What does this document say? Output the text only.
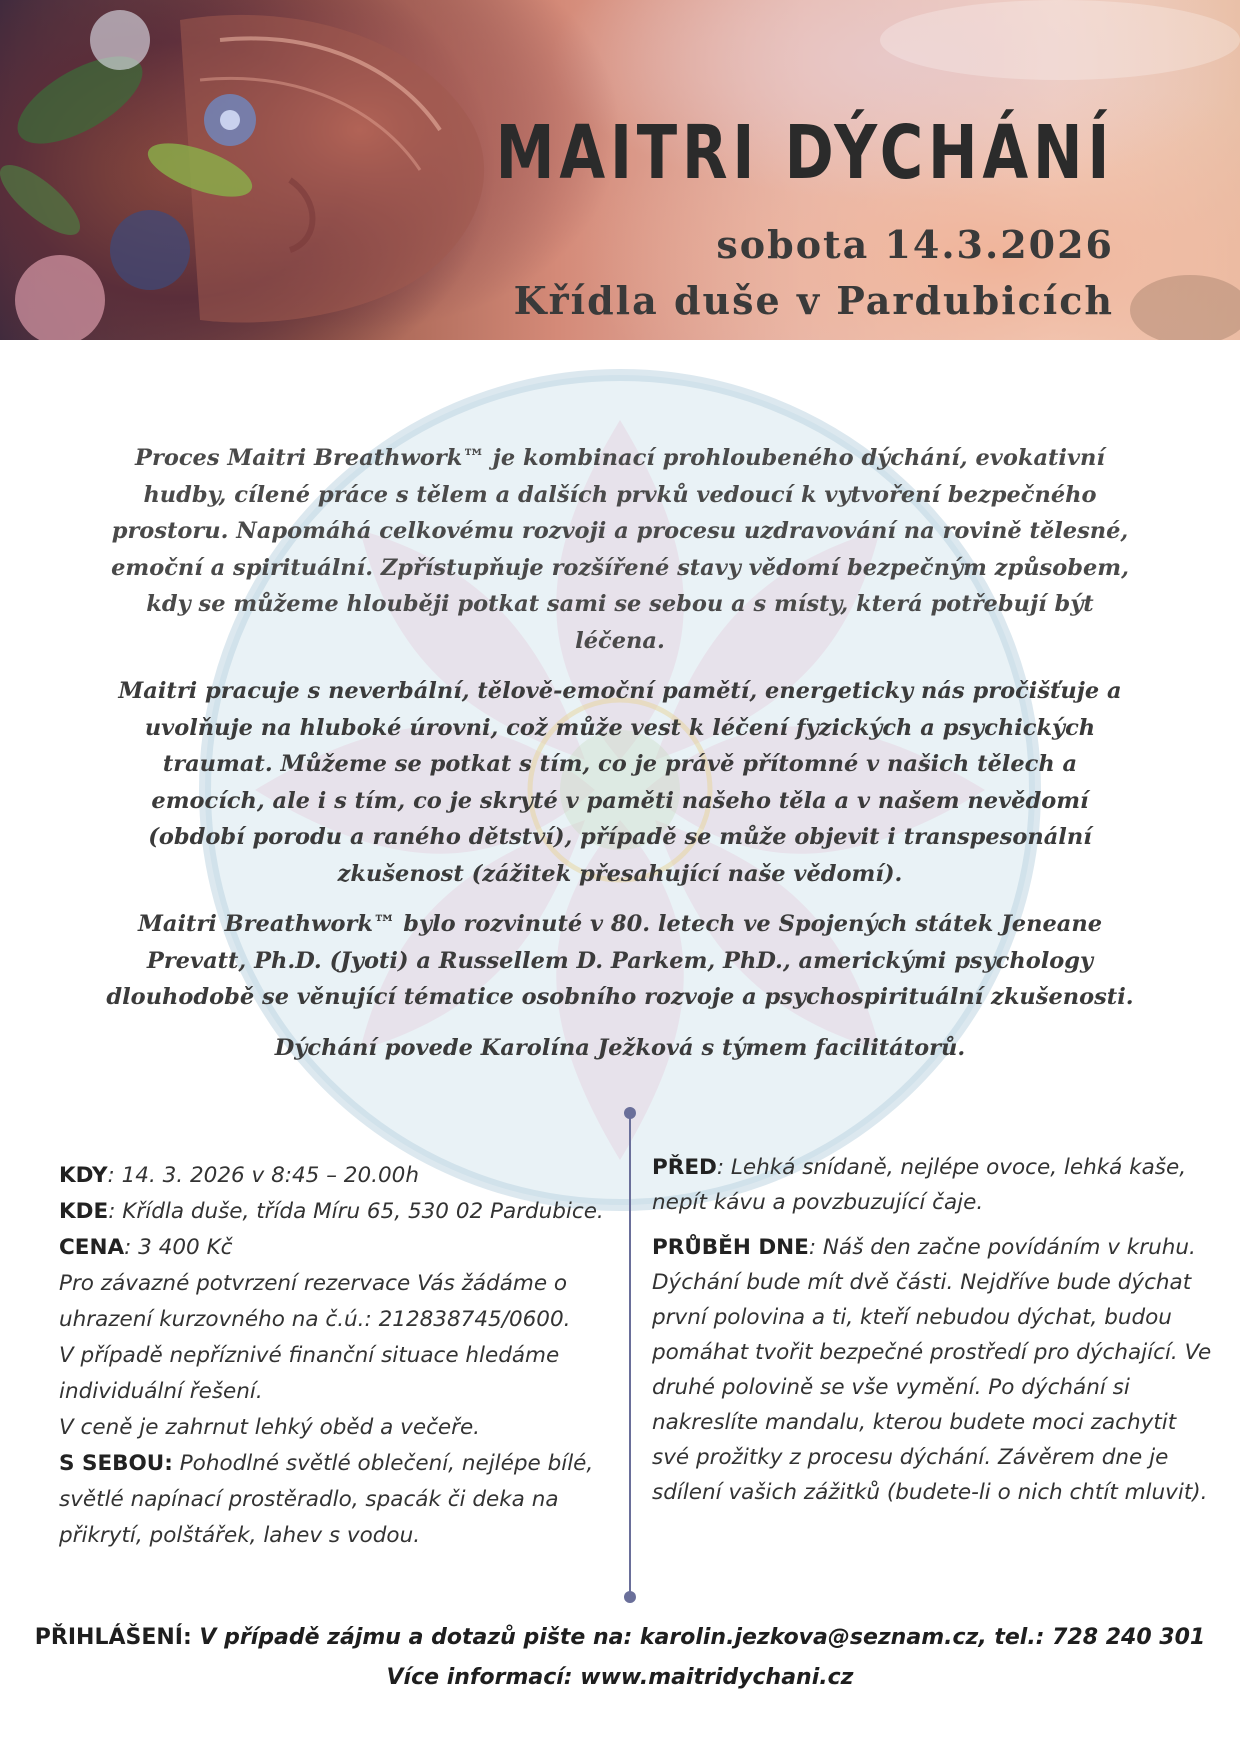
MAITRI DÝCHÁNÍ
sobota 14.3.2026
Křídla duše v Pardubicích

Proces Maitri Breathwork™ je kombinací prohloubeného dýchání, evokativní hudby, cílené práce s tělem a dalších prvků vedoucí k vytvoření bezpečného prostoru. Napomáhá celkovému rozvoji a procesu uzdravování na rovině tělesné, emoční a spirituální. Zpřístupňuje rozšířené stavy vědomí bezpečným způsobem, kdy se můžeme hlouběji potkat sami se sebou a s místy, která potřebují být léčena.

Maitri pracuje s neverbální, tělově-emoční pamětí, energeticky nás pročišťuje a uvolňuje na hluboké úrovni, což může vest k léčení fyzických a psychických traumat. Můžeme se potkat s tím, co je právě přítomné v našich tělech a emocích, ale i s tím, co je skryté v paměti našeho těla a v našem nevědomí (období porodu a raného dětství), případě se může objevit i transpesonální zkušenost (zážitek přesahující naše vědomí).

Maitri Breathwork™ bylo rozvinuté v 80. letech ve Spojených státek Jeneane Prevatt, Ph.D. (Jyoti) a Russellem D. Parkem, PhD., americkými psychology dlouhodobě se věnující tématice osobního rozvoje a psychospirituální zkušenosti.

Dýchání povede Karolína Ježková s týmem facilitátorů.

KDY: 14. 3. 2026 v 8:45 – 20.00h

KDE: Křídla duše, třída Míru 65, 530 02 Pardubice.

CENA: 3 400 Kč

Pro závazné potvrzení rezervace Vás žádáme o uhrazení kurzovného na č.ú.: 212838745/0600.

V případě nepříznivé finanční situace hledáme individuální řešení.

V ceně je zahrnut lehký oběd a večeře.

S SEBOU: Pohodlné světlé oblečení, nejlépe bílé, světlé napínací prostěradlo, spacák či deka na přikrytí, polštářek, lahev s vodou.

PŘED: Lehká snídaně, nejlépe ovoce, lehká kaše, nepít kávu a povzbuzující čaje.

PRŮBĚH DNE: Náš den začne povídáním v kruhu. Dýchání bude mít dvě části. Nejdříve bude dýchat první polovina a ti, kteří nebudou dýchat, budou pomáhat tvořit bezpečné prostředí pro dýchající. Ve druhé polovině se vše vymění. Po dýchání si nakreslíte mandalu, kterou budete moci zachytit své prožitky z procesu dýchání. Závěrem dne je sdílení vašich zážitků (budete-li o nich chtít mluvit).

PŘIHLÁŠENÍ: V případě zájmu a dotazů pište na: karolin.jezkova@seznam.cz, tel.: 728 240 301

Více informací: www.maitridychani.cz
